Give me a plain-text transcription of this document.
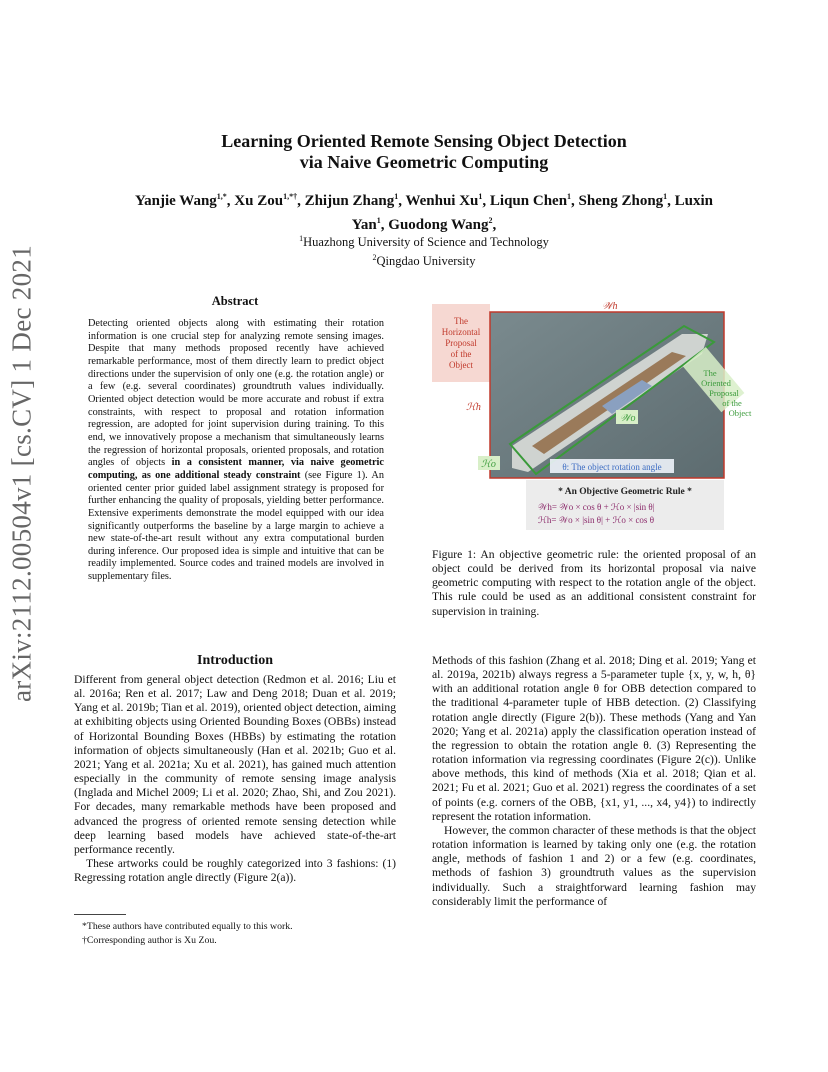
arXiv:2112.00504v1 [cs.CV] 1 Dec 2021
Learning Oriented Remote Sensing Object Detection
via Naive Geometric Computing
Yanjie Wang$^{1,*}$, Xu Zou$^{1,*\dagger}$, Zhijun Zhang$^1$, Wenhui Xu$^1$, Liqun Chen$^1$, Sheng Zhong$^1$, Luxin
Yan$^1$, Guodong Wang$^2$,
$^1$Huazhong University of Science and Technology
$^2$Qingdao University
Abstract
Detecting oriented objects along with estimating their rotation information is one crucial step for analyzing remote sensing images. Despite that many methods proposed recently have achieved remarkable performance, most of them directly learn to predict object directions under the supervision of only one (e.g. the rotation angle) or a few (e.g. several coordinates) groundtruth values individually. Oriented object detection would be more accurate and robust if extra constraints, with respect to proposal and rotation information regression, are adopted for joint supervision during training. To this end, we innovatively propose a mechanism that simultaneously learns the regression of horizontal proposals, oriented proposals, and rotation angles of objects in a consistent manner, via naive geometric computing, as one additional steady constraint (see Figure 1). An oriented center prior guided label assignment strategy is proposed for further enhancing the quality of proposals, yielding better performance. Extensive experiments demonstrate the model equipped with our idea significantly outperforms the baseline by a large margin to achieve a new state-of-the-art result without any extra computational burden during inference. Our proposed idea is simple and intuitive that can be readily implemented. Source codes and trained models are involved in supplementary files.
Introduction

Different from general object detection (Redmon et al. 2016; Liu et al. 2016a; Ren et al. 2017; Law and Deng 2018; Duan et al. 2019; Yang et al. 2019b; Tian et al. 2019), oriented object detection, aiming at exhibiting objects using Oriented Bounding Boxes (OBBs) instead of Horizontal Bounding Boxes (HBBs) by estimating the rotation information of objects simultaneously (Han et al. 2021b; Guo et al. 2021; Yang et al. 2021a; Xu et al. 2021), has gained much attention especially in the community of remote sensing image analysis (Inglada and Michel 2009; Li et al. 2020; Zhao, Shi, and Zou 2021). For decades, many remarkable methods have been proposed and advanced the progress of oriented remote sensing detection while deep learning based models have achieved state-of-the-art performance recently.

These artworks could be roughly categorized into 3 fashions: (1) Regressing rotation angle directly (Figure 2(a)).

*These authors have contributed equally to this work.
†Corresponding author is Xu Zou.
The
Horizontal
Proposal
of the
Object
𝒲h
ℋh
𝒲o
ℋo
The
Oriented
Proposal
of the
Object
θ: The object rotation angle
* An Objective Geometric Rule *
𝒲h= 𝒲o × cos θ + ℋo × |sin θ|
ℋh= 𝒲o × |sin θ| + ℋo × cos θ
Figure 1: An objective geometric rule: the oriented proposal of an object could be derived from its horizontal proposal via naive geometric computing with respect to the rotation angle of the object. This rule could be used as an additional consistent constraint for supervision in training.

Methods of this fashion (Zhang et al. 2018; Ding et al. 2019; Yang et al. 2019a, 2021b) always regress a 5-parameter tuple {x, y, w, h, θ} with an additional rotation angle θ for OBB detection compared to the traditional 4-parameter tuple of HBB detection. (2) Classifying rotation angle directly (Figure 2(b)). These methods (Yang and Yan 2020; Yang et al. 2021a) apply the classification operation instead of the regression to obtain the rotation angle θ. (3) Representing the rotation information via regressing coordinates (Figure 2(c)). Unlike above methods, this kind of methods (Xia et al. 2018; Qian et al. 2021; Fu et al. 2021; Guo et al. 2021) regress the coordinates of a set of points (e.g. corners of the OBB, {x1, y1, ..., x4, y4}) to indirectly represent the rotation information.

However, the common character of these methods is that the object rotation information is learned by taking only one (e.g. the rotation angle, methods of fashion 1 and 2) or a few (e.g. coordinates, methods of fashion 3) groundtruth values as the supervision individually. Such a straightforward learning fashion may considerably limit the performance of
